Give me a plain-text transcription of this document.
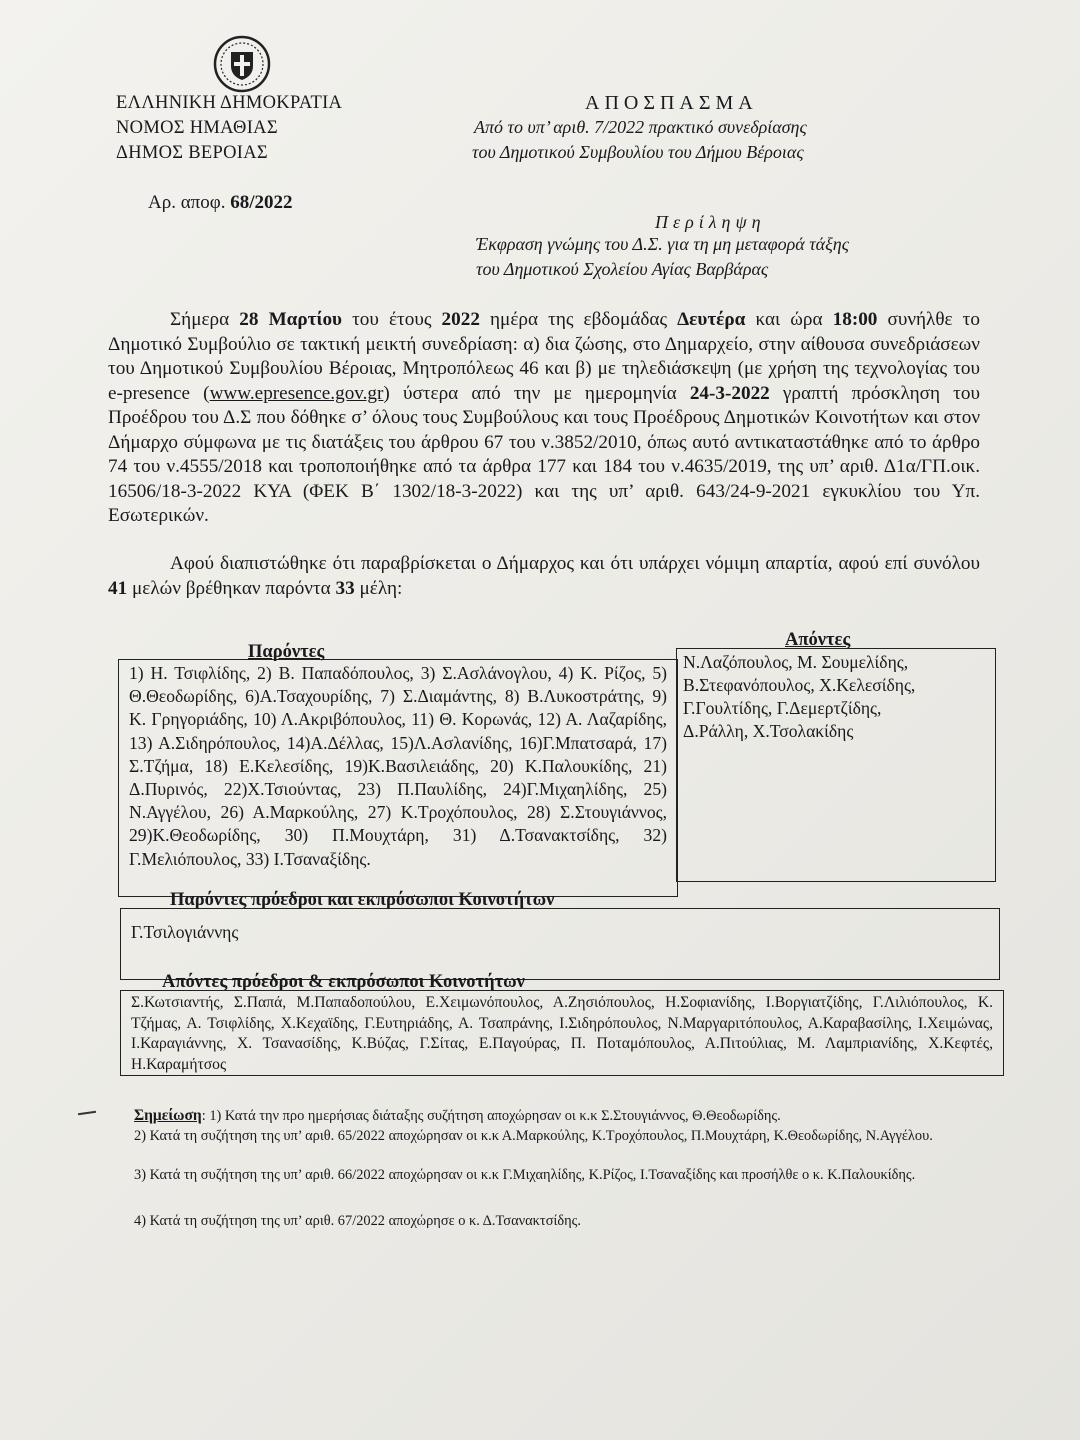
ΕΛΛΗΝΙΚΗ ΔΗΜΟΚΡΑΤΙΑ
ΝΟΜΟΣ ΗΜΑΘΙΑΣ
ΔΗΜΟΣ ΒΕΡΟΙΑΣ
ΑΠΟΣΠΑΣΜΑ
Από το υπ’ αριθ. 7/2022 πρακτικό συνεδρίασης
του Δημοτικού Συμβουλίου του Δήμου Βέροιας
Αρ. αποφ. 68/2022
Περίληψη
Έκφραση γνώμης του Δ.Σ. για τη μη μεταφορά τάξης
του Δημοτικού Σχολείου Αγίας Βαρβάρας
Σήμερα 28 Μαρτίου του έτους 2022 ημέρα της εβδομάδας Δευτέρα και ώρα 18:00 συνήλθε το Δημοτικό Συμβούλιο σε τακτική μεικτή συνεδρίαση: α) δια ζώσης, στο Δημαρχείο, στην αίθουσα συνεδριάσεων του Δημοτικού Συμβουλίου Βέροιας, Μητροπόλεως 46 και β) με τηλεδιάσκεψη (με χρήση της τεχνολογίας του e-presence (www.epresence.gov.gr) ύστερα από την με ημερομηνία 24-3-2022 γραπτή πρόσκληση του Προέδρου του Δ.Σ που δόθηκε σ’ όλους τους Συμβούλους και τους Προέδρους Δημοτικών Κοινοτήτων και στον Δήμαρχο σύμφωνα με τις διατάξεις του άρθρου 67 του ν.3852/2010, όπως αυτό αντικαταστάθηκε από το άρθρο 74 του ν.4555/2018 και τροποποιήθηκε από τα άρθρα 177 και 184 του ν.4635/2019, της υπ’ αριθ. Δ1α/ΓΠ.οικ. 16506/18-3-2022 ΚΥΑ (ΦΕΚ Β΄ 1302/18-3-2022) και της υπ’ αριθ. 643/24-9-2021 εγκυκλίου του Υπ. Εσωτερικών.
Αφού διαπιστώθηκε ότι παραβρίσκεται ο Δήμαρχος και ότι υπάρχει νόμιμη απαρτία, αφού επί συνόλου 41 μελών βρέθηκαν παρόντα 33 μέλη:
Παρόντες
Απόντες
1) Η. Τσιφλίδης, 2) Β. Παπαδόπουλος, 3) Σ.Ασλάνογλου, 4) Κ. Ρίζος, 5) Θ.Θεοδωρίδης, 6)Α.Τσαχουρίδης, 7) Σ.Διαμάντης, 8) Β.Λυκοστράτης, 9) Κ. Γρηγοριάδης, 10) Λ.Ακριβόπουλος, 11) Θ. Κορωνάς, 12) Α. Λαζαρίδης, 13) Α.Σιδηρόπουλος, 14)Α.Δέλλας, 15)Λ.Ασλανίδης, 16)Γ.Μπατσαρά, 17) Σ.Τζήμα, 18) Ε.Κελεσίδης, 19)Κ.Βασιλειάδης, 20) Κ.Παλουκίδης, 21) Δ.Πυρινός, 22)Χ.Τσιούντας, 23) Π.Παυλίδης, 24)Γ.Μιχαηλίδης, 25) Ν.Αγγέλου, 26) Α.Μαρκούλης, 27) Κ.Τροχόπουλος, 28) Σ.Στουγιάννος, 29)Κ.Θεοδωρίδης, 30) Π.Μουχτάρη, 31) Δ.Τσανακτσίδης, 32) Γ.Μελιόπουλος, 33) Ι.Τσαναξίδης.
Ν.Λαζόπουλος, Μ. Σουμελίδης,
Β.Στεφανόπουλος, Χ.Κελεσίδης,
Γ.Γουλτίδης, Γ.Δεμερτζίδης,
Δ.Ράλλη, Χ.Τσολακίδης
Παρόντες πρόεδροι και εκπρόσωποι Κοινοτήτων
Γ.Τσιλογιάννης
Απόντες πρόεδροι & εκπρόσωποι Κοινοτήτων
Σ.Κωτσιαντής, Σ.Παπά, Μ.Παπαδοπούλου, Ε.Χειμωνόπουλος, Α.Ζησιόπουλος, Η.Σοφιανίδης, Ι.Βοργιατζίδης, Γ.Λιλιόπουλος, Κ. Τζήμας, Α. Τσιφλίδης, Χ.Κεχαϊδης, Γ.Ευτηριάδης, Α. Τσαπράνης, Ι.Σιδηρόπουλος, Ν.Μαργαριτόπουλος, Α.Καραβασίλης, Ι.Χειμώνας, Ι.Καραγιάννης, Χ. Τσανασίδης, Κ.Βύζας, Γ.Σίτας, Ε.Παγούρας, Π. Ποταμόπουλος, Α.Πιτούλιας, Μ. Λαμπριανίδης, Χ.Κεφτές, Η.Καραμήτσος
Σημείωση: 1) Κατά την προ ημερήσιας διάταξης συζήτηση αποχώρησαν οι κ.κ Σ.Στουγιάννος, Θ.Θεοδωρίδης.
2) Κατά τη συζήτηση της υπ’ αριθ. 65/2022 αποχώρησαν οι κ.κ Α.Μαρκούλης, Κ.Τροχόπουλος, Π.Μουχτάρη, Κ.Θεοδωρίδης, Ν.Αγγέλου.
3) Κατά τη συζήτηση της υπ’ αριθ. 66/2022 αποχώρησαν οι κ.κ Γ.Μιχαηλίδης, Κ.Ρίζος, Ι.Τσαναξίδης και προσήλθε ο κ. Κ.Παλουκίδης.
4) Κατά τη συζήτηση της υπ’ αριθ. 67/2022 αποχώρησε ο κ. Δ.Τσανακτσίδης.
